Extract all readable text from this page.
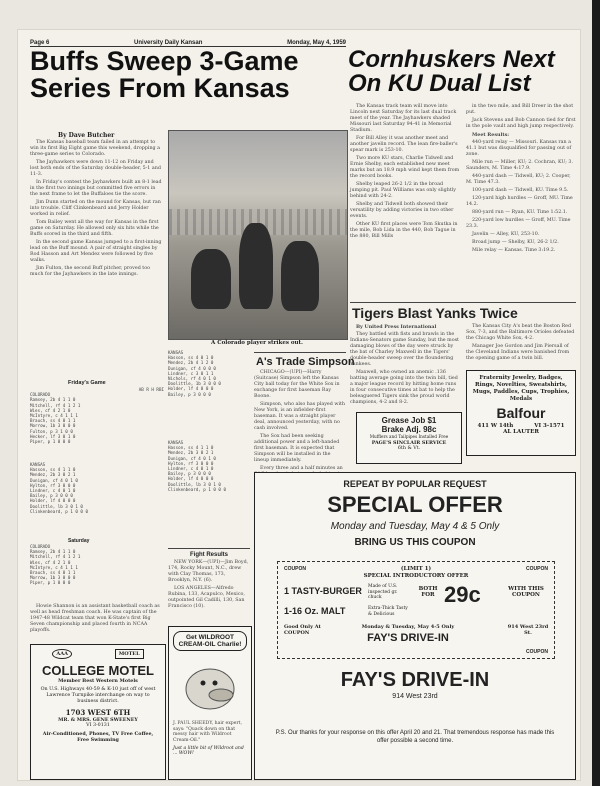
Page 6	University Daily Kansan	Monday, May 4, 1959
Buffs Sweep 3-Game Series From Kansas
By Dave Butcher

The Kansas baseball team failed in an attempt to win its first Big Eight game this weekend, dropping a three-game series to Colorado.

The Jayhawkers were down 11-12 on Friday and lost both ends of the Saturday double-header, 5-1 and 11-3.

In Friday's contest the Jayhawkers built an 8-1 lead in the first two innings but committed five errors in the next frame to let the Buffaloes tie the score.

Jim Dunn started on the mound for Kansas, but ran into trouble. Cliff Clinkenbeard and Jerry Holder worked in relief.

Tom Bailey went all the way for Kansas in the first game on Saturday. He allowed only six hits while the Buffs scored in the third and fifth.

In the second game Kansas jumped to a first-inning lead on the Buff mound. A pair of straight singles by Rod Hasson and Art Mendez were followed by five walks.

Jim Fulton, the second Buff pitcher, proved too much for the Jayhawkers in the late innings.

A Colorado player strikes out.
Cornhuskers Next On KU Dual List

The Kansas track team will move into Lincoln next Saturday for its last dual track meet of the year. The Jayhawkers shaded Missouri last Saturday 94-41 in Memorial Stadium.

For Bill Alley it was another meet and another javelin record. The lean fire-baller's spear mark is 253-10.

Two more KU stars, Charlie Tidwell and Ernie Shelby, each established new meet marks but an 18.9 mph wind kept them from the record books.

Shelby leaped 26-2 1/2 in the broad jumping pit. Paul Williams was only slightly behind with 24-2.

Shelby and Tidwell both showed their versatility by adding victories in two other events.

Other KU first places were Tom Skutka in the mile, Bob Lida in the 440, Bob Tague in the 880, Bill Mills

in the two mile, and Bill Dreer in the shot put.

Jack Stevens and Bob Cannon tied for first in the pole vault and high jump respectively.

Meet Results:

440-yard relay — Missouri. Kansas ran a 41.1 but was disqualified for passing out of zone.

Mile run — Miller, KU; 2. Cochran, KU; 3. Saunders, M. Time 4:17.9.

440-yard dash — Tidwell, KU; 2. Cooper, M. Time 47.3.

100-yard dash — Tidwell, KU. Time 9.5.

120-yard high hurdles — Groff, MU. Time 14.2.

880-yard run — Ryan, KU. Time 1:52.1.

220-yard low hurdles — Groff, MU. Time 23.3.

Javelin — Alley, KU, 253-10.

Broad jump — Shelby, KU, 26-2 1/2.

Mile relay — Kansas. Time 3:19.2.

Tigers Blast Yanks Twice

By United Press International

They battled with fists and brawls in the Indians-Senators game Sunday, but the most damaging blows of the day were struck by the bat of Charley Maxwell in the Tigers' double-header sweep over the floundering Yankees.

Maxwell, who owned an anemic .136 batting average going into the twin bill, tied a major league record by hitting home runs in four consecutive times at bat to help the beleaguered Tigers sink the proud world champions, 4-2 and 8-2.

The Kansas City A's beat the Boston Red Sox, 7-3, and the Baltimore Orioles defeated the Chicago White Sox, 4-2.

Manager Joe Gordon and Jim Piersall of the Cleveland Indians were banished from the opening game of a twin bill.

A's Trade Simpson

CHICAGO—(UPI)—Harry (Suitcase) Simpson left the Kansas City ball today for the White Sox in exchange for first baseman Ray Boone.

Simpson, who also has played with New York, is an infielder-first baseman. It was a straight player deal, announced yesterday, with no cash involved.

The Sox had been seeking additional power and a left-handed first baseman. It is expected that Simpson will be installed in the lineup immediately.

Every three and a half minutes an

Friday's Game
AB R H RBI
COLORADO
Ramsey, 2b 4 1 1 0
Mitchell, rf 4 1 2 1
Wies, cf 4 2 1 0
McIntyre, c 4 1 1 1
Brauch, ss 4 0 1 1
Morrow, 1b 3 0 0 0
Fulton, p 3 1 0 0
Hecker, lf 3 0 1 0
Piper, p 1 0 0 0
KANSAS
Hasson, ss 4 1 1 0
Mendez, 2b 3 0 2 1
Dunigan, cf 4 0 1 0
Hylton, rf 3 0 0 0
Lindner, c 4 0 1 0
Bailey, p 3 0 0 0
Holder, lf 4 0 0 0
Doolittle, lb 3 0 1 0
Clinkenbeard, p 1 0 0 0
Saturday
COLORADO
Ramsey, 2b 4 1 1 0
Mitchell, rf 4 1 2 1
Wies, cf 4 2 1 0
McIntyre, c 4 1 1 1
Brauch, ss 4 0 1 1
Morrow, 1b 3 0 0 0
Piper, p 1 0 0 0
KANSAS
Hasson, ss 4 0 1 0
Mendez, 2b 4 1 2 0
Dunigan, cf 4 0 0 0
Lindner, c 3 0 1 1
Nichols, rf 4 0 1 0
Doolittle, 1b 3 0 0 0
Holder, lf 4 0 0 0
Bailey, p 3 0 0 0
KANSAS
Hasson, ss 4 1 1 0
Mendez, 2b 3 0 2 1
Dunigan, cf 4 0 1 0
Hylton, rf 3 0 0 0
Lindner, c 4 0 1 0
Bailey, p 3 0 0 0
Holder, lf 4 0 0 0
Doolittle, lb 3 0 1 0
Clinkenbeard, p 1 0 0 0
Fight Results

NEW YORK—(UPI)—Jim Boyd, 174, Rocky Mount, N.C., drew with Clay Thomas, 173, Brooklyn, N.Y. (6).

LOS ANGELES—Alfredo Rubina, 133, Acapulco, Mexico, outpointed Gil Cadilli, 130, San Francisco (10).

Howie Shannon is an assistant basketball coach as well as head freshman coach. He was captain of the 1947-48 Wildcat team that won K-State's first Big Seven championship and placed fourth in NCAA playoffs.

AAA	MOTEL
COLLEGE MOTEL
Member Best Western Motels
On U.S. Highways 40-59 & K-10 just off of west Lawrence Turnpike interchange on way to business district.
1703 WEST 6TH
MR. & MRS. GENE SWEENEY
VI 3-0131
Air-Conditioned, Phones, TV Free Coffee, Free Swimming
Get WILDROOT CREAM-OIL Charlie!
J. PAUL SHEEDY, hair expert, says: "Quack down on that messy hair with Wildroot Cream-Oil."
Just a little bit of Wildroot and ... WOW!
Grease Job $1
Brake Adj. 98c
Mufflers and Tailpipes Installed Free
PAGE'S SINCLAIR SERVICE
6th & Vt.
Fraternity Jewelry, Badges, Rings, Novelties, Sweatshirts, Mugs, Paddles, Cups, Trophies, Medals
Balfour
411 W 14th	VI 3-1571
AL LAUTER
REPEAT BY POPULAR REQUEST
SPECIAL OFFER
Monday and Tuesday, May 4 & 5 Only
BRING US THIS COUPON
COUPON	COUPON
(LIMIT 1)
SPECIAL INTRODUCTORY OFFER
1 TASTY-BURGER Made of U.S. inspected gr. chuck
BOTH FOR 29c	WITH THIS COUPON
1-16 Oz. MALT	Extra-Thick Tasty & Delicious
Good Only At COUPON
Monday & Tuesday, May 4-5 Only
FAY'S DRIVE-IN
914 West 23rd St.
COUPON
FAY'S DRIVE-IN
914 West 23rd
P.S. Our thanks for your response on this offer April 20 and 21. That tremendous response has made this offer possible a second time.
